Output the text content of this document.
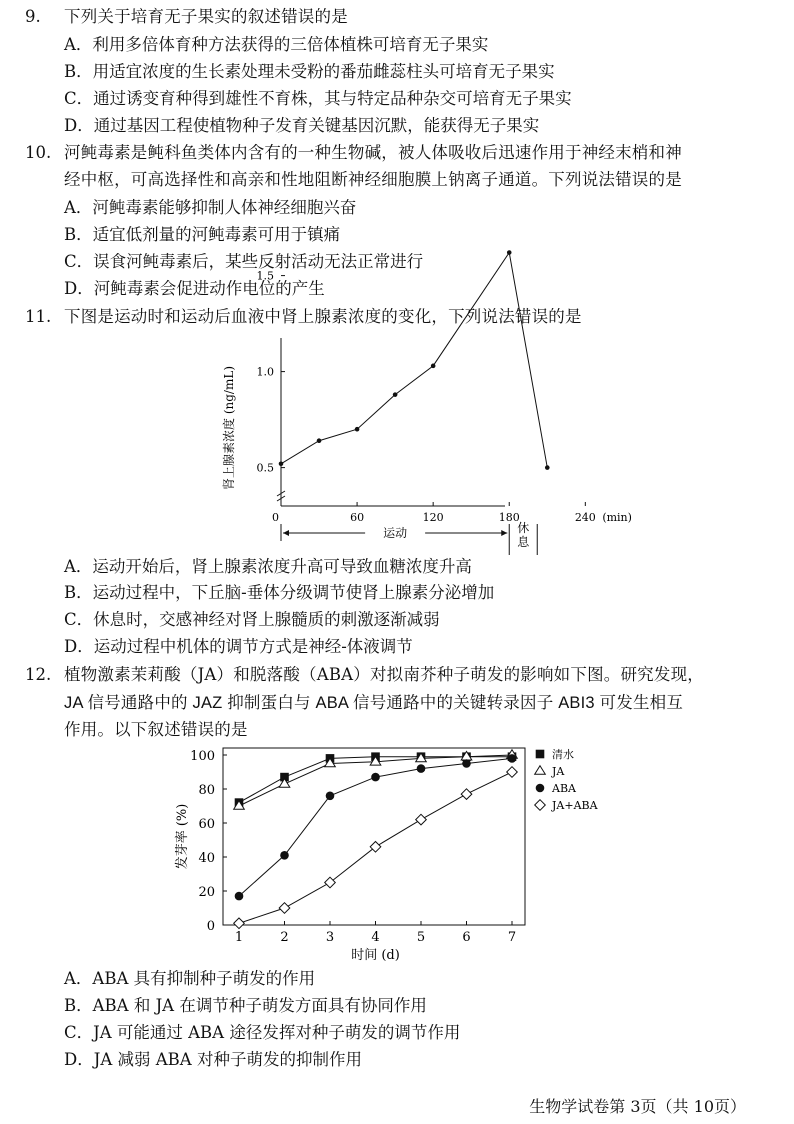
9. 下列关于培育无子果实的叙述错误的是
A．利用多倍体育种方法获得的三倍体植株可培育无子果实
B．用适宜浓度的生长素处理未受粉的番茄雌蕊柱头可培育无子果实
C．通过诱变育种得到雄性不育株，其与特定品种杂交可培育无子果实
D．通过基因工程使植物种子发育关键基因沉默，能获得无子果实
10. 河鲀毒素是鲀科鱼类体内含有的一种生物碱，被人体吸收后迅速作用于神经末梢和神
经中枢，可高选择性和高亲和性地阻断神经细胞膜上钠离子通道。下列说法错误的是
A．河鲀毒素能够抑制人体神经细胞兴奋
B．适宜低剂量的河鲀毒素可用于镇痛
C．误食河鲀毒素后，某些反射活动无法正常进行
D．河鲀毒素会促进动作电位的产生
11. 下图是运动时和运动后血液中肾上腺素浓度的变化，下列说法错误的是
0.5
1.0
1.5
0	60	120	180	240 (min)
肾上腺素浓度 (ng/mL)
运动	休息
A．运动开始后，肾上腺素浓度升高可导致血糖浓度升高
B．运动过程中，下丘脑-垂体分级调节使肾上腺素分泌增加
C．休息时，交感神经对肾上腺髓质的刺激逐渐减弱
D．运动过程中机体的调节方式是神经-体液调节
12. 植物激素茉莉酸（JA）和脱落酸（ABA）对拟南芥种子萌发的影响如下图。研究发现，
JA 信号通路中的 JAZ 抑制蛋白与 ABA 信号通路中的关键转录因子 ABI3 可发生相互
作用。以下叙述错误的是
0
20
40
60
80
100
1	2	3	4	5	6	7
时间 (d)
发芽率 (%)
清水
JA
ABA
JA+ABA
A．ABA 具有抑制种子萌发的作用
B．ABA 和 JA 在调节种子萌发方面具有协同作用
C．JA 可能通过 ABA 途径发挥对种子萌发的调节作用
D．JA 减弱 ABA 对种子萌发的抑制作用
生物学试卷第 3页（共 10页）
